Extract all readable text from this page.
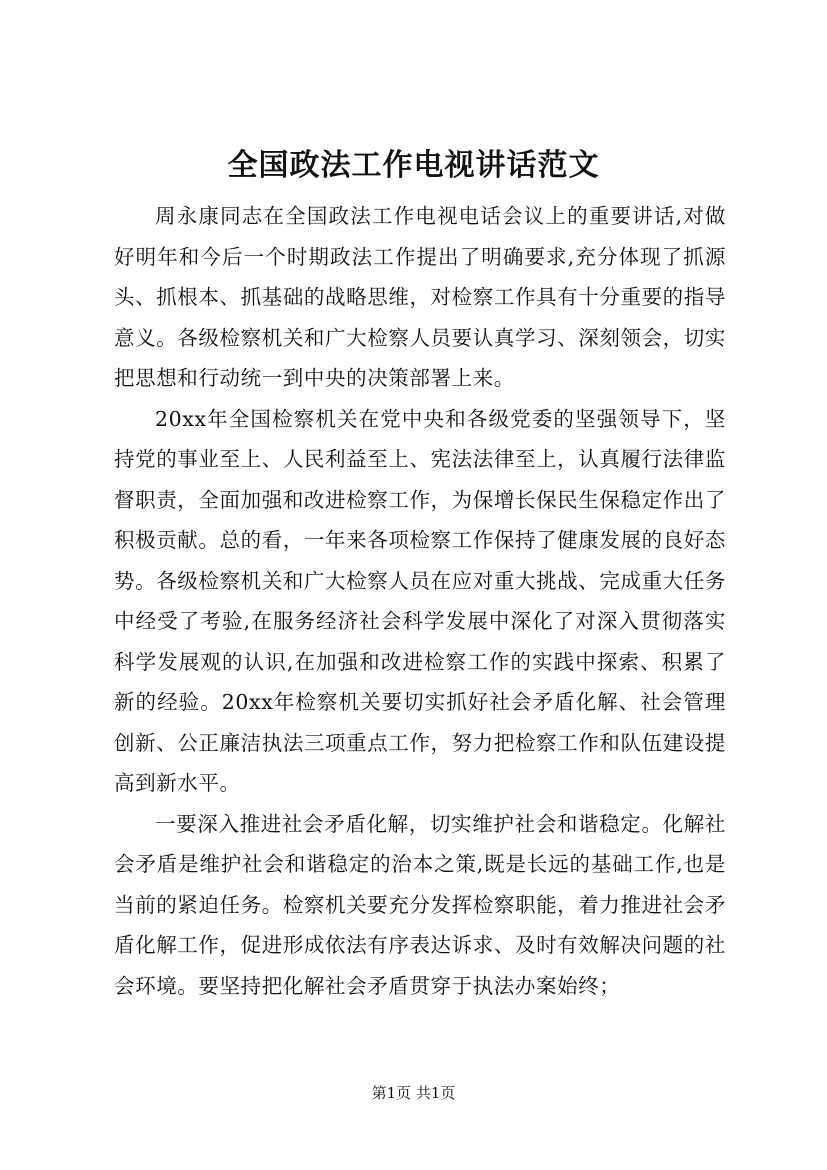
全国政法工作电视讲话范文

周永康同志在全国政法工作电视电话会议上的重要讲话,对做好明年和今后一个时期政法工作提出了明确要求,充分体现了抓源头、抓根本、抓基础的战略思维，对检察工作具有十分重要的指导意义。各级检察机关和广大检察人员要认真学习、深刻领会，切实把思想和行动统一到中央的决策部署上来。

20xx年全国检察机关在党中央和各级党委的坚强领导下，坚持党的事业至上、人民利益至上、宪法法律至上，认真履行法律监督职责，全面加强和改进检察工作，为保增长保民生保稳定作出了积极贡献。总的看，一年来各项检察工作保持了健康发展的良好态势。各级检察机关和广大检察人员在应对重大挑战、完成重大任务中经受了考验,在服务经济社会科学发展中深化了对深入贯彻落实科学发展观的认识,在加强和改进检察工作的实践中探索、积累了新的经验。20xx年检察机关要切实抓好社会矛盾化解、社会管理创新、公正廉洁执法三项重点工作，努力把检察工作和队伍建设提高到新水平。

一要深入推进社会矛盾化解，切实维护社会和谐稳定。化解社会矛盾是维护社会和谐稳定的治本之策,既是长远的基础工作,也是当前的紧迫任务。检察机关要充分发挥检察职能，着力推进社会矛盾化解工作，促进形成依法有序表达诉求、及时有效解决问题的社会环境。要坚持把化解社会矛盾贯穿于执法办案始终；

第1页 共1页
